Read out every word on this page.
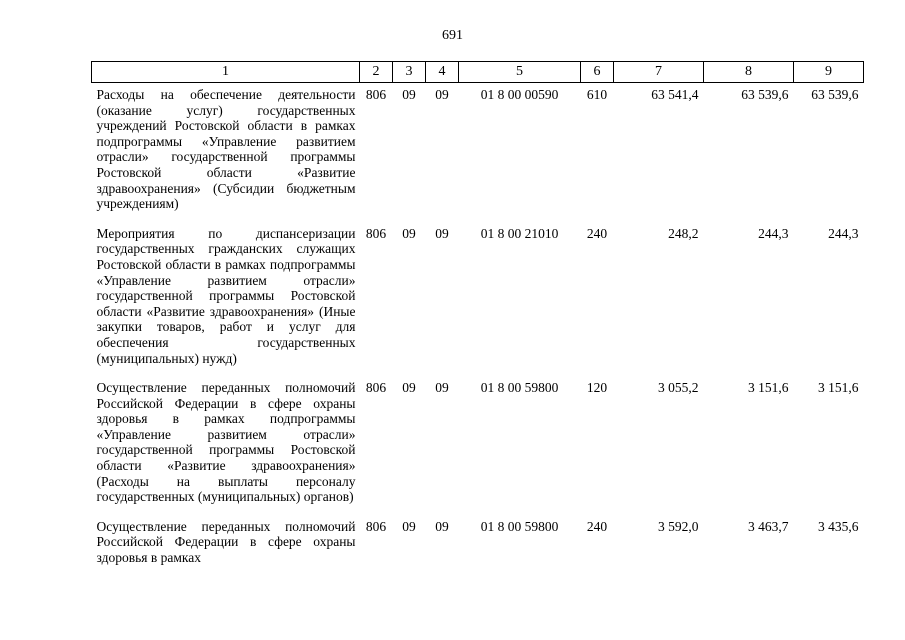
691
1	2	3	4	5	6	7	8	9
Расходы на обеспечение деятельности (оказание услуг) государственных учреждений Ростовской области в рамках подпрограммы «Управление развитием отрасли» государственной программы Ростовской области «Развитие здравоохранения» (Субсидии бюджетным учреждениям)	806	09	09	01 8 00 00590	610	63 541,4	63 539,6	63 539,6
Мероприятия по диспансеризации государственных гражданских служащих Ростовской области в рамках подпрограммы «Управление развитием отрасли» государственной программы Ростовской области «Развитие здравоохранения» (Иные закупки товаров, работ и услуг для обеспечения государственных (муниципальных) нужд)	806	09	09	01 8 00 21010	240	248,2	244,3	244,3
Осуществление переданных полномочий Российской Федерации в сфере охраны здоровья в рамках подпрограммы «Управление развитием отрасли» государственной программы Ростовской области «Развитие здравоохранения» (Расходы на выплаты персоналу государственных (муниципальных) органов)	806	09	09	01 8 00 59800	120	3 055,2	3 151,6	3 151,6
Осуществление переданных полномочий Российской Федерации в сфере охраны здоровья в рамках	806	09	09	01 8 00 59800	240	3 592,0	3 463,7	3 435,6
